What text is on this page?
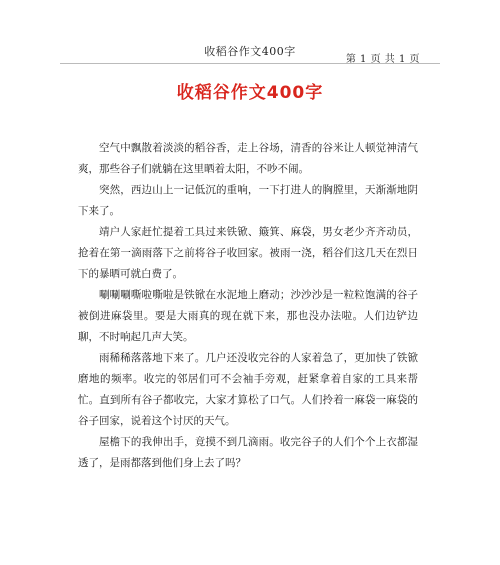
收稻谷作文400字
第 1 页 共 1 页
收稻谷作文400字

空气中飘散着淡淡的稻谷香，走上谷场，清香的谷米让人顿觉神清气爽，那些谷子们就躺在这里晒着太阳，不吵不闹。

突然，西边山上一记低沉的重响，一下打进人的胸膛里，天渐渐地阴下来了。

靖户人家赶忙提着工具过来铁锨、簸箕、麻袋，男女老少齐齐动员，抢着在第一滴雨落下之前将谷子收回家。被雨一浇，稻谷们这几天在烈日下的暴晒可就白费了。

唰唰唰嘶啦嘶啦是铁锨在水泥地上磨动；沙沙沙是一粒粒饱满的谷子被倒进麻袋里。要是大雨真的现在就下来，那也没办法啦。人们边铲边聊，不时响起几声大笑。

雨稀稀落落地下来了。几户还没收完谷的人家着急了，更加快了铁锨磨地的频率。收完的邻居们可不会袖手旁观，赶紧拿着自家的工具来帮忙。直到所有谷子都收完，大家才算松了口气。人们拎着一麻袋一麻袋的谷子回家，说着这个讨厌的天气。

屋檐下的我伸出手，竟摸不到几滴雨。收完谷子的人们个个上衣都湿透了，是雨都落到他们身上去了吗？
